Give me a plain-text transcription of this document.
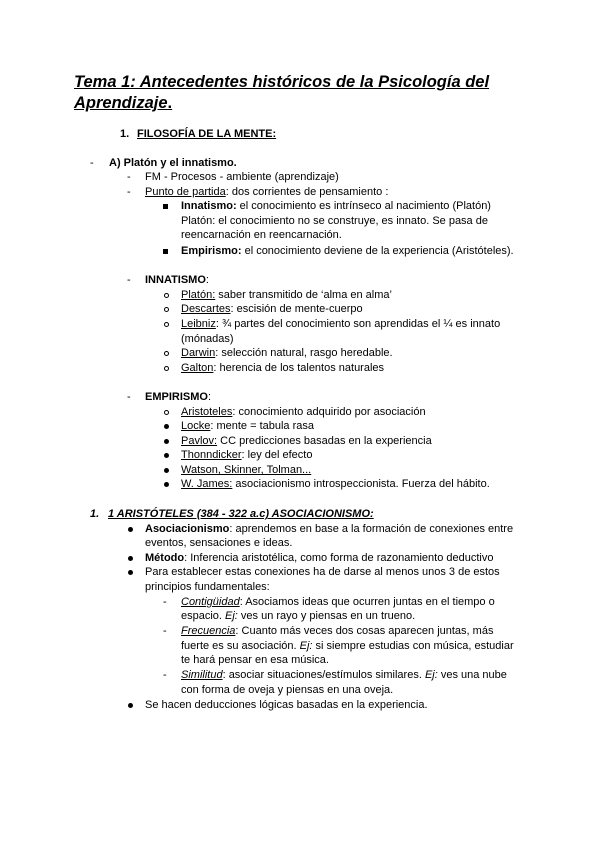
Tema 1: Antecedentes históricos de la Psicología del
Aprendizaje.
1. FILOSOFÍA DE LA MENTE:
- A) Platón y el innatismo.
- FM - Procesos - ambiente (aprendizaje)
- Punto de partida: dos corrientes de pensamiento :
Innatismo: el conocimiento es intrínseco al nacimiento (Platón)
Platón: el conocimiento no se construye, es innato. Se pasa de
reencarnación en reencarnación.
Empirismo: el conocimiento deviene de la experiencia (Aristóteles).
- INNATISMO:
Platón: saber transmitido de ‘alma en alma’
Descartes: escisión de mente-cuerpo
Leibniz: ¾ partes del conocimiento son aprendidas el ¼ es innato
(mónadas)
Darwin: selección natural, rasgo heredable.
Galton: herencia de los talentos naturales
- EMPIRISMO:
Aristoteles: conocimiento adquirido por asociación
Locke: mente = tabula rasa
Pavlov: CC predicciones basadas en la experiencia
Thonndicker: ley del efecto
Watson, Skinner, Tolman...
W. James: asociacionismo introspeccionista. Fuerza del hábito.
1. 1 ARISTÓTELES (384 - 322 a.c) ASOCIACIONISMO:
Asociacionismo: aprendemos en base a la formación de conexiones entre
eventos, sensaciones e ideas.
Método: Inferencia aristotélica, como forma de razonamiento deductivo
Para establecer estas conexiones ha de darse al menos unos 3 de estos
principios fundamentales:
- Contigüidad: Asociamos ideas que ocurren juntas en el tiempo o
espacio. Ej: ves un rayo y piensas en un trueno.
- Frecuencia: Cuanto más veces dos cosas aparecen juntas, más
fuerte es su asociación. Ej: si siempre estudias con música, estudiar
te hará pensar en esa música.
- Similitud: asociar situaciones/estímulos similares. Ej: ves una nube
con forma de oveja y piensas en una oveja.
Se hacen deducciones lógicas basadas en la experiencia.
